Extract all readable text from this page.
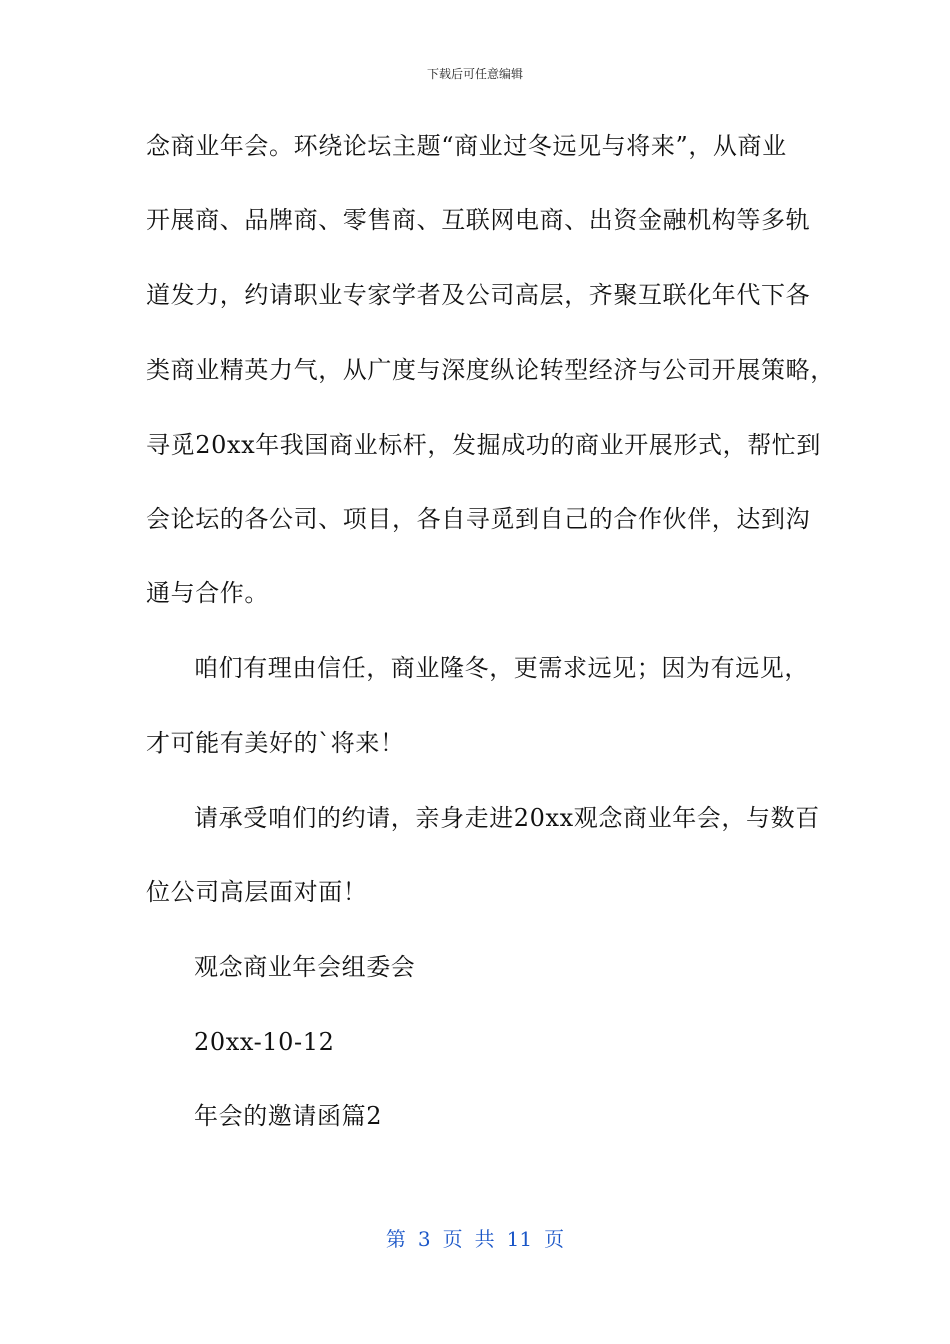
下载后可任意编辑
念商业年会。环绕论坛主题“商业过冬远见与将来”，从商业
开展商、品牌商、零售商、互联网电商、出资金融机构等多轨
道发力，约请职业专家学者及公司高层，齐聚互联化年代下各
类商业精英力气，从广度与深度纵论转型经济与公司开展策略，
寻觅20xx年我国商业标杆，发掘成功的商业开展形式，帮忙到
会论坛的各公司、项目，各自寻觅到自己的合作伙伴，达到沟
通与合作。
咱们有理由信任，商业隆冬，更需求远见；因为有远见，
才可能有美好的`将来！
请承受咱们的约请，亲身走进20xx观念商业年会，与数百
位公司高层面对面！
观念商业年会组委会
20xx-10-12
年会的邀请函篇2
第 3 页 共 11 页
